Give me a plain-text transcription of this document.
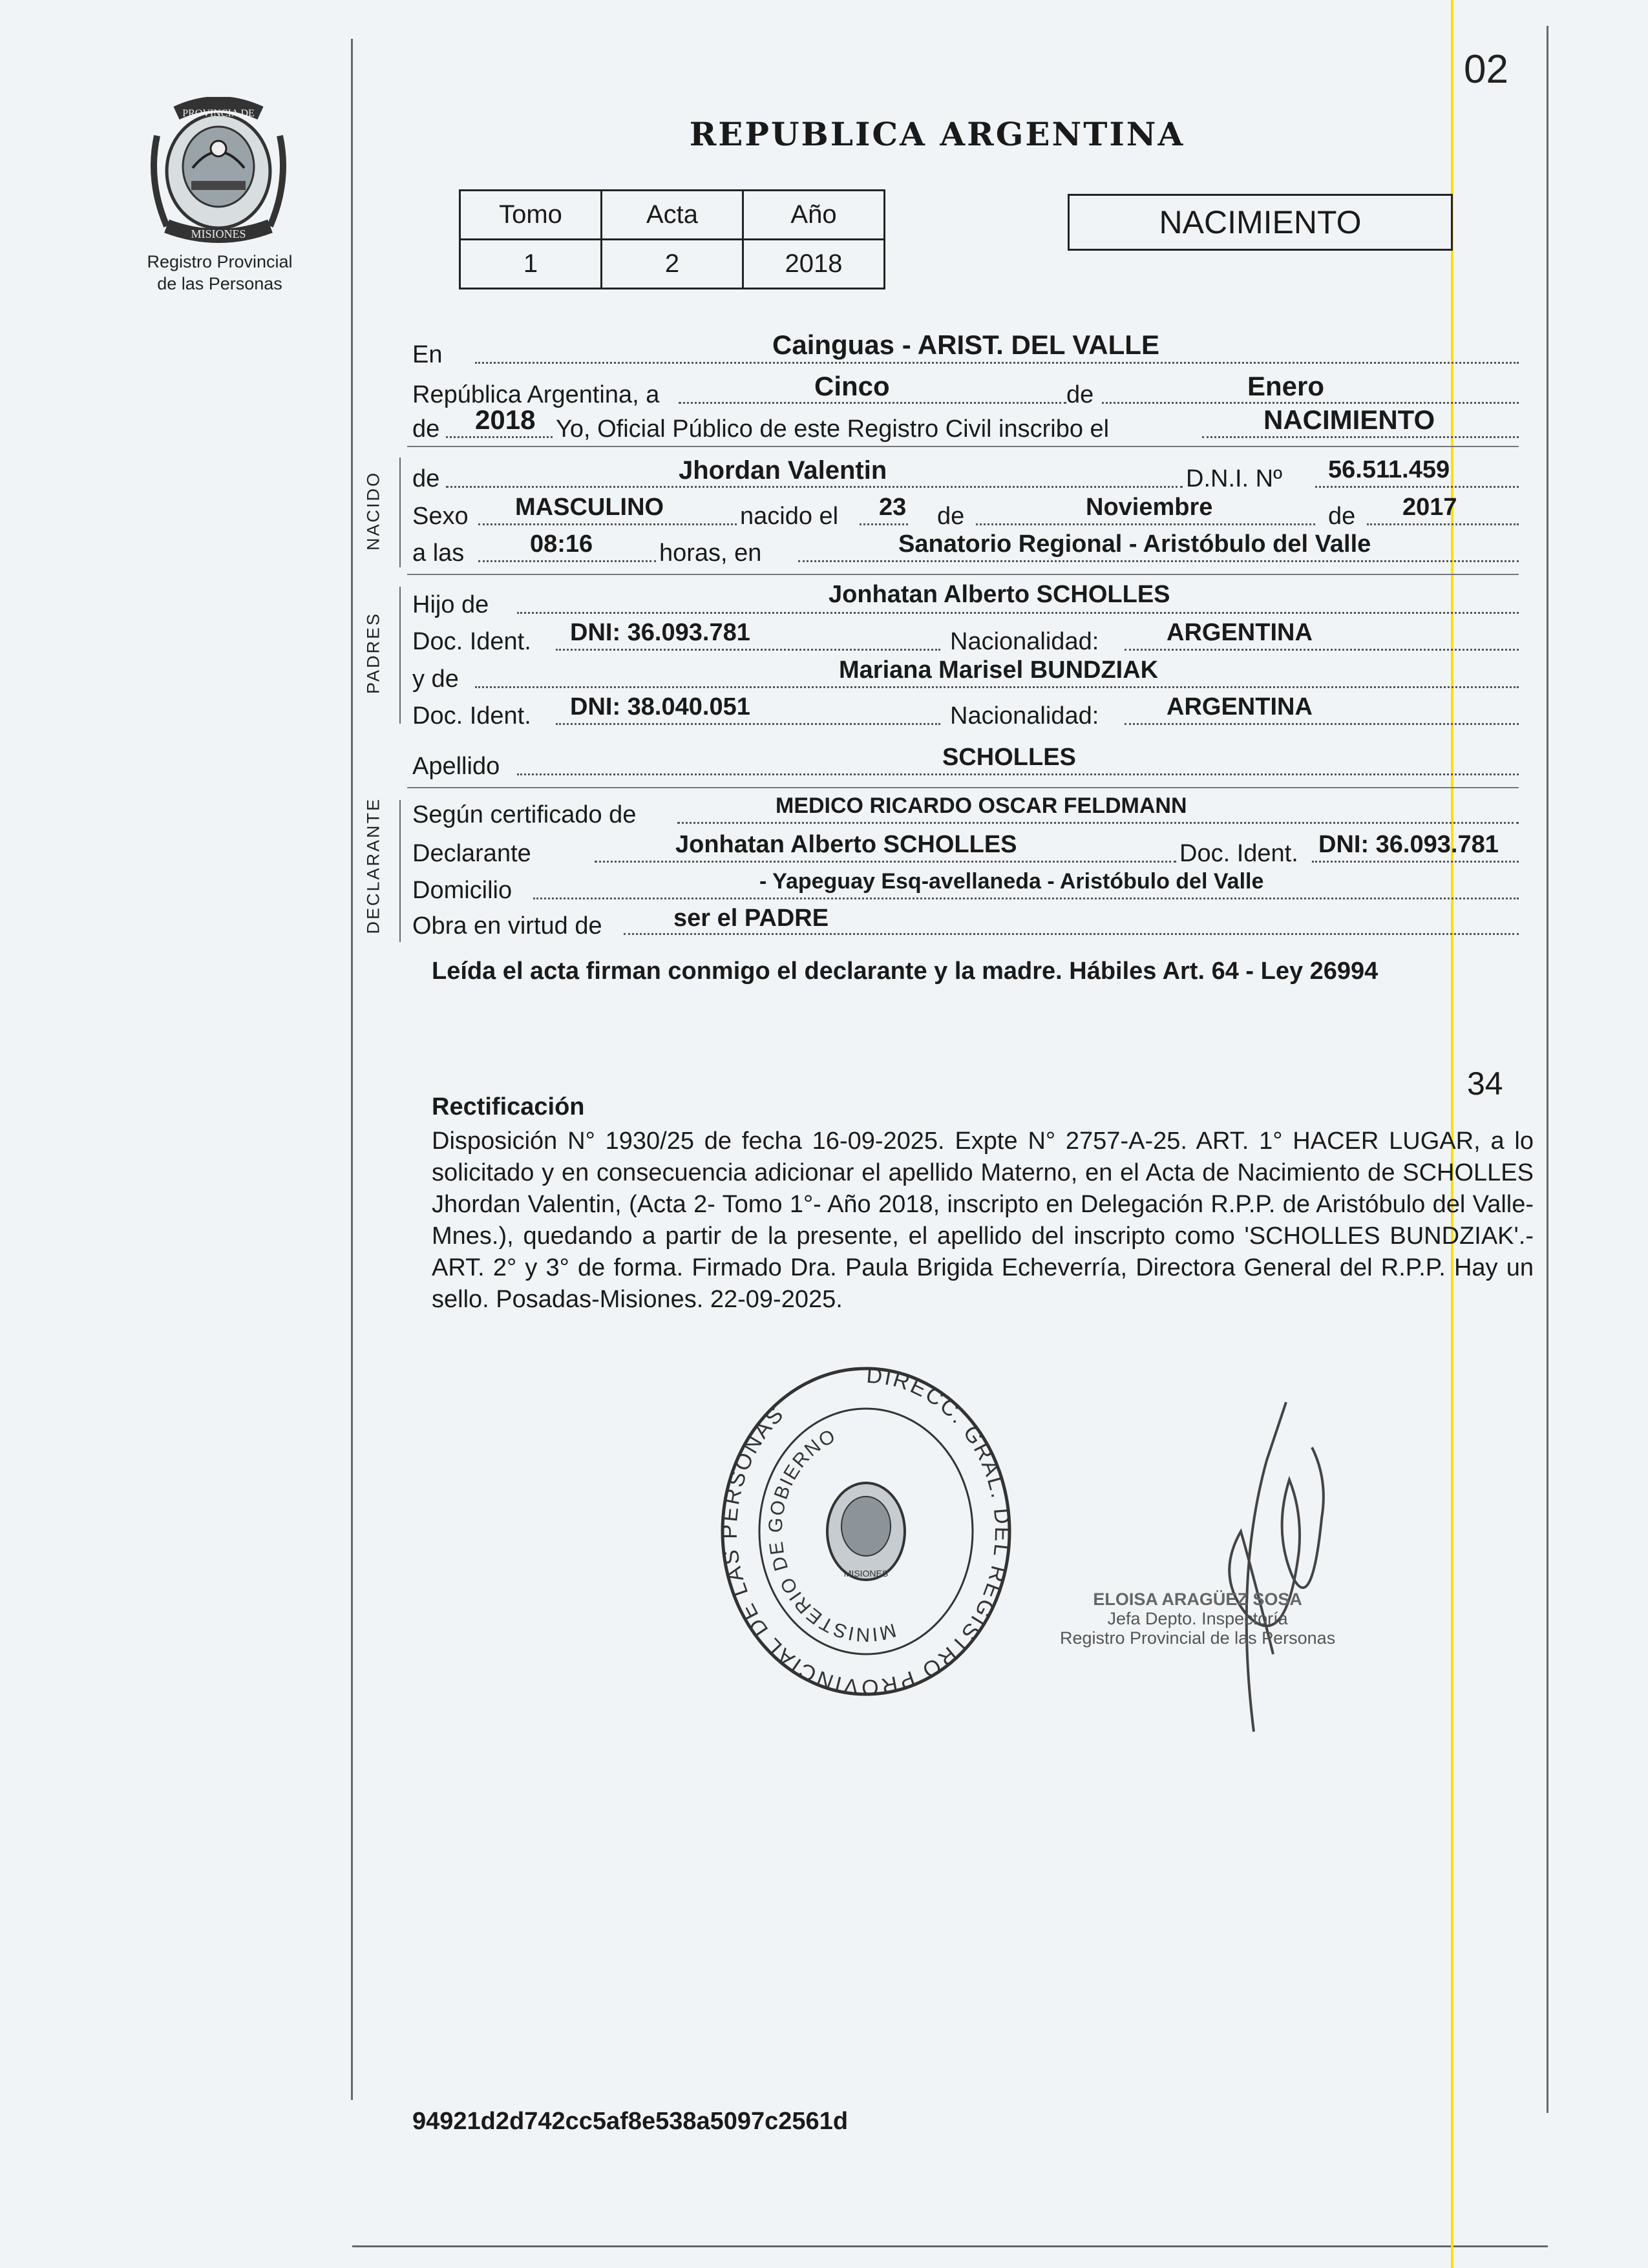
PROVINCIA DE
MISIONES
Registro Provincial
de las Personas
02
REPUBLICA ARGENTINA
Tomo	Acta	Año
1	2	2018
NACIMIENTO
En	Cainguas - ARIST. DEL VALLE
República Argentina, a	Cinco	de	Enero
de 2018 Yo, Oficial Público de este Registro Civil inscribo el	NACIMIENTO
NACIDO de	Jhordan Valentin	D.N.I. Nº 56.511.459
Sexo MASCULINO	nacido el 23 de	Noviembre	de 2017
a las	08:16	horas, en	Sanatorio Regional - Aristóbulo del Valle
PADRES
Hijo de	Jonhatan Alberto SCHOLLES
Doc. Ident. DNI: 36.093.781	Nacionalidad:	ARGENTINA
y de	Mariana Marisel BUNDZIAK
Doc. Ident. DNI: 38.040.051	Nacionalidad:	ARGENTINA
Apellido	SCHOLLES
DECLARANTE Según certificado de	MEDICO RICARDO OSCAR FELDMANN
Declarante	Jonhatan Alberto SCHOLLES	Doc. Ident. DNI: 36.093.781
Domicilio	- Yapeguay Esq-avellaneda - Aristóbulo del Valle
Obra en virtud de	ser el PADRE
Leída el acta firman conmigo el declarante y la madre. Hábiles Art. 64 - Ley 26994
34
Rectificación
Disposición N° 1930/25 de fecha 16-09-2025. Expte N° 2757-A-25. ART. 1° HACER LUGAR, a lo solicitado y en consecuencia adicionar el apellido Materno, en el Acta de Nacimiento de SCHOLLES Jhordan Valentin, (Acta 2- Tomo 1°- Año 2018, inscripto en Delegación R.P.P. de Aristóbulo del Valle- Mnes.), quedando a partir de la presente, el apellido del inscripto como 'SCHOLLES BUNDZIAK'.- ART. 2° y 3° de forma. Firmado Dra. Paula Brigida Echeverría, Directora General del R.P.P. Hay un sello. Posadas-Misiones. 22-09-2025.
DIRECC. GRAL. DEL REGISTRO PROVINCIAL DE LAS PERSONAS
MINISTERIO DE GOBIERNO
MISIONES
ELOISA ARAGÜEZ SOSA
Jefa Depto. Inspectoría
Registro Provincial de las Personas
94921d2d742cc5af8e538a5097c2561d
